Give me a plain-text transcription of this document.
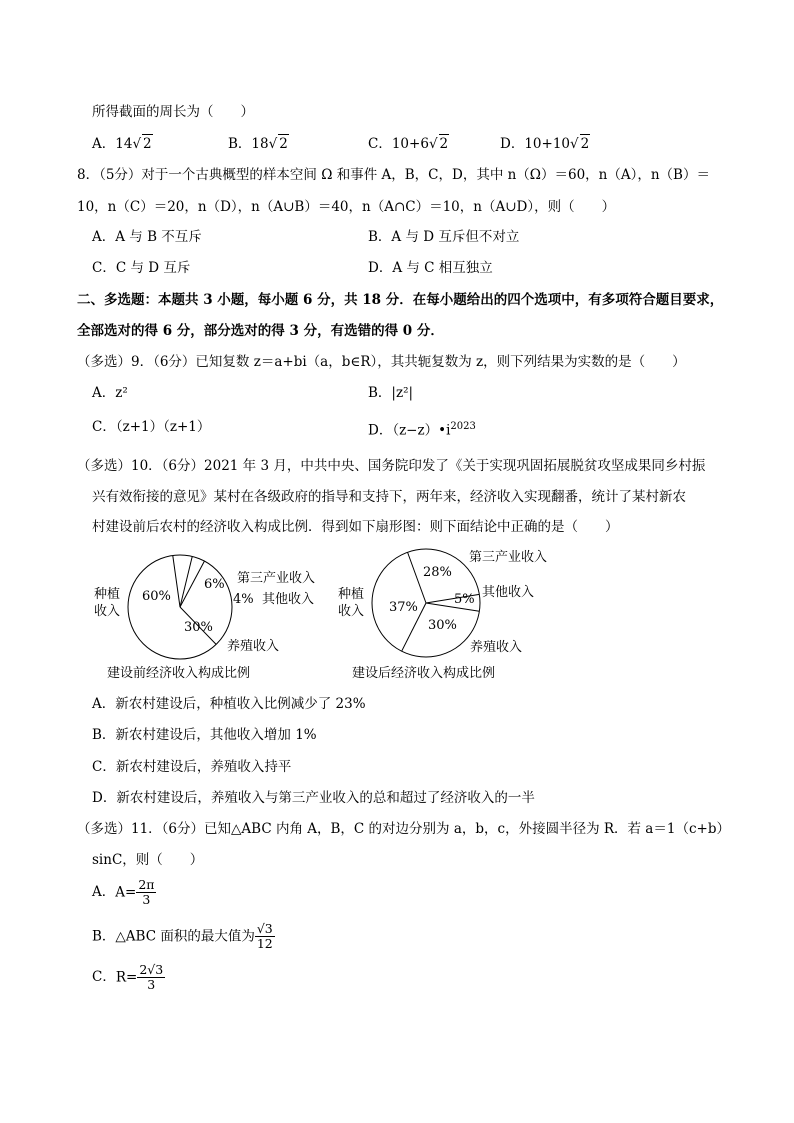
所得截面的周长为（　　）
A．14√ 2	B．18√ 2	C．10+6√ 2	D．10+10√ 2
8．（5分）对于一个古典概型的样本空间 Ω 和事件 A，B，C，D，其中 n（Ω）＝60，n（A），n（B）＝
10，n（C）＝20，n（D），n（A∪B）＝40，n（A∩C）＝10，n（A∪D），则（　　）
A．A 与 B 不互斥	B．A 与 D 互斥但不对立
C．C 与 D 互斥	D．A 与 C 相互独立
二、多选题：本题共 3 小题，每小题 6 分，共 18 分．在每小题给出的四个选项中，有多项符合题目要求，
全部选对的得 6 分，部分选对的得 3 分，有选错的得 0 分．
（多选）9．（6分）已知复数 z＝a+bi（a，b∈R），其共轭复数为 z，则下列结果为实数的是（　　）
A．z²	B．|z²|
C．（z+1）（z+1）	D．$(z-z)•i^{2023}$
（多选）10．（6分）2021 年 3 月，中共中央、国务院印发了《关于实现巩固拓展脱贫攻坚成果同乡村振
兴有效衔接的意见》某村在各级政府的指导和支持下，两年来，经济收入实现翻番，统计了某村新农
村建设前后农村的经济收入构成比例．得到如下扇形图：则下面结论中正确的是（　　）
种植
收入
第三产业收入
其他收入
养殖收入
60%
6%
4%
30%
建设前经济收入构成比例
种植
收入
第三产业收入
其他收入
养殖收入
28%
37%
5%
30%
建设后经济收入构成比例
A．新农村建设后，种植收入比例减少了 23%
B．新农村建设后，其他收入增加 1%
C．新农村建设后，养殖收入持平
D．新农村建设后，养殖收入与第三产业收入的总和超过了经济收入的一半
（多选）11．（6分）已知△ABC 内角 A，B，C 的对边分别为 a，b，c，外接圆半径为 R．若 a＝1（c+b）
sinC，则（　　）
A．$A= \frac{2\pi}{3}$
B．△ABC 面积的最大值为 $\frac{√3}{12}$
C．$R= \frac{2√3}{3}$
